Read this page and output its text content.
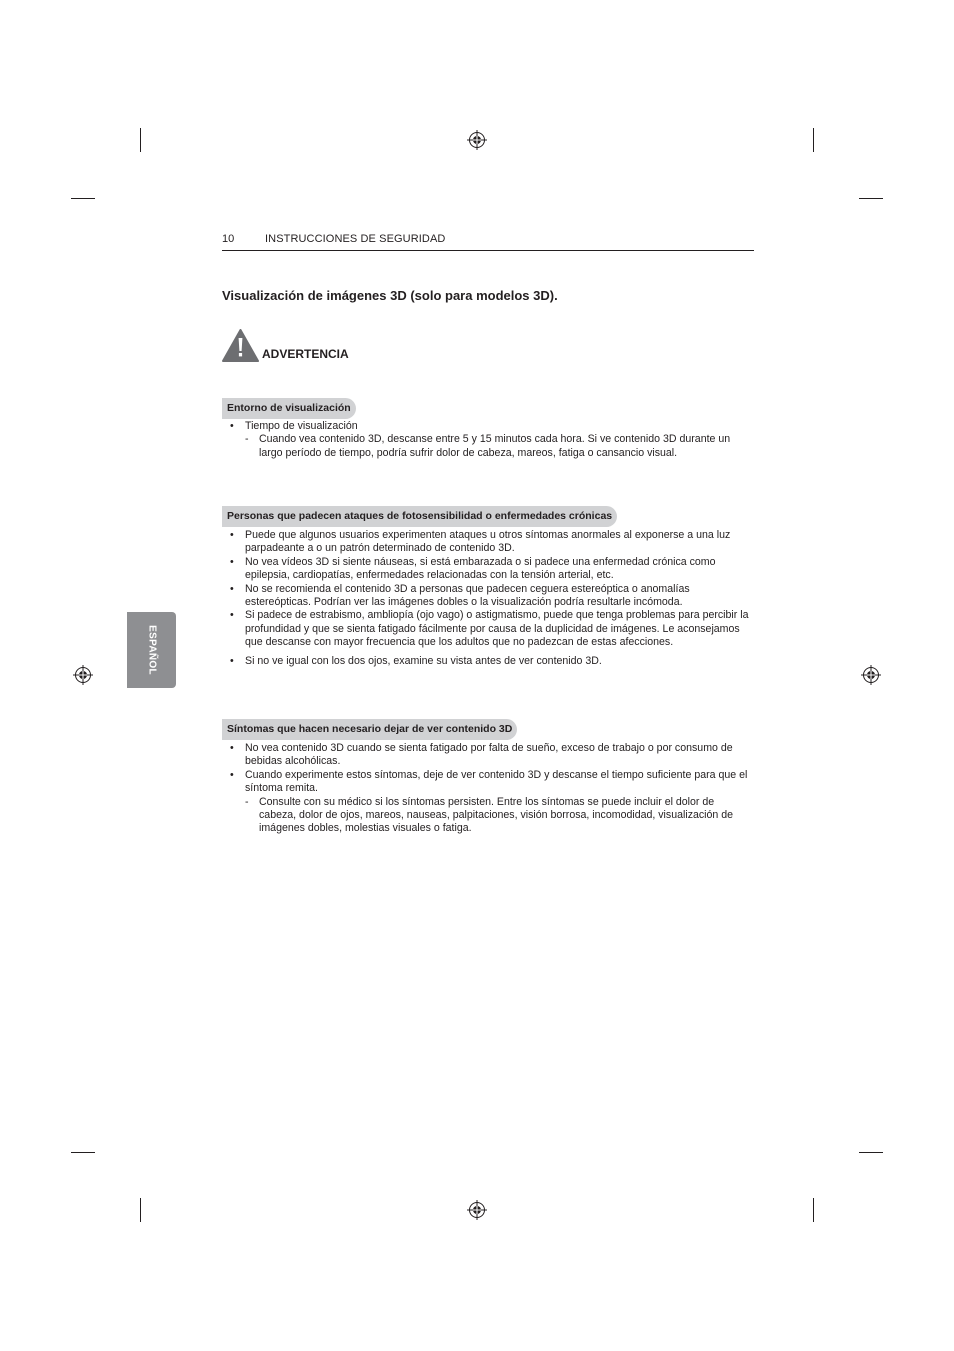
10	INSTRUCCIONES DE SEGURIDAD
ESPAÑOL
Visualización de imágenes 3D (solo para modelos 3D).
ADVERTENCIA
Entorno de visualización
• Tiempo de visualización
- Cuando vea contenido 3D, descanse entre 5 y 15 minutos cada hora. Si ve contenido 3D durante un largo período de tiempo, podría sufrir dolor de cabeza, mareos, fatiga o cansancio visual.
Personas que padecen ataques de fotosensibilidad o enfermedades crónicas
• Puede que algunos usuarios experimenten ataques u otros síntomas anormales al exponerse a una luz parpadeante a o un patrón determinado de contenido 3D.
• No vea vídeos 3D si siente náuseas, si está embarazada o si padece una enfermedad crónica como epilepsia, cardiopatías, enfermedades relacionadas con la tensión arterial, etc.
• No se recomienda el contenido 3D a personas que padecen ceguera estereóptica o anomalías estereópticas. Podrían ver las imágenes dobles o la visualización podría resultarle incómoda.
• Si padece de estrabismo, ambliopía (ojo vago) o astigmatismo, puede que tenga problemas para percibir la profundidad y que se sienta fatigado fácilmente por causa de la duplicidad de imágenes. Le aconsejamos que descanse con mayor frecuencia que los adultos que no padezcan de estas afecciones.
• Si no ve igual con los dos ojos, examine su vista antes de ver contenido 3D.
Síntomas que hacen necesario dejar de ver contenido 3D
• No vea contenido 3D cuando se sienta fatigado por falta de sueño, exceso de trabajo o por consumo de bebidas alcohólicas.
• Cuando experimente estos síntomas, deje de ver contenido 3D y descanse el tiempo suficiente para que el síntoma remita.
- Consulte con su médico si los síntomas persisten. Entre los síntomas se puede incluir el dolor de cabeza, dolor de ojos, mareos, nauseas, palpitaciones, visión borrosa, incomodidad, visualización de imágenes dobles, molestias visuales o fatiga.
